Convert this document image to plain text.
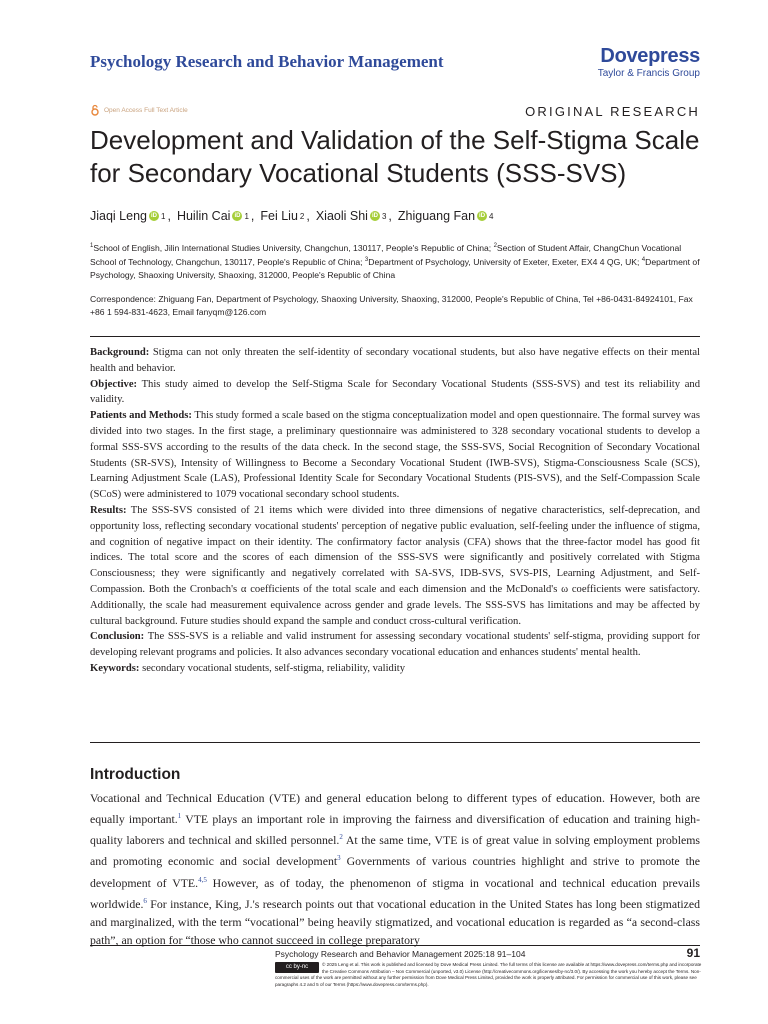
Psychology Research and Behavior Management	Dovepress
Taylor & Francis Group
Open Access Full Text Article	ORIGINAL RESEARCH
Development and Validation of the Self-Stigma Scale for Secondary Vocational Students (SSS-SVS)
Jiaqi Leng iD 1 , Huilin Cai iD 1 , Fei Liu 2 , Xiaoli Shi iD 3 , Zhiguang Fan iD 4
$^1$School of English, Jilin International Studies University, Changchun, 130117, People's Republic of China; $^2$Section of Student Affair, ChangChun Vocational School of Technology, Changchun, 130117, People's Republic of China; $^3$Department of Psychology, University of Exeter, Exeter, EX4 4 QG, UK; $^4$Department of Psychology, Shaoxing University, Shaoxing, 312000, People's Republic of China
Correspondence: Zhiguang Fan, Department of Psychology, Shaoxing University, Shaoxing, 312000, People's Republic of China, Tel +86-0431-84924101, Fax +86 1 594-831-4623, Email fanyqm@126.com

Background: Stigma can not only threaten the self-identity of secondary vocational students, but also have negative effects on their mental health and behavior.

Objective: This study aimed to develop the Self-Stigma Scale for Secondary Vocational Students (SSS-SVS) and test its reliability and validity.

Patients and Methods: This study formed a scale based on the stigma conceptualization model and open questionnaire. The formal survey was divided into two stages. In the first stage, a preliminary questionnaire was administered to 328 secondary vocational students to develop a formal SSS-SVS according to the results of the data check. In the second stage, the SSS-SVS, Social Recognition of Secondary Vocational Students (SR-SVS), Intensity of Willingness to Become a Secondary Vocational Student (IWB-SVS), Stigma-Consciousness Scale (SCS), Learning Adjustment Scale (LAS), Professional Identity Scale for Secondary Vocational Students (PIS-SVS), and the Self-Compassion Scale (SCoS) were administered to 1079 vocational secondary school students.

Results: The SSS-SVS consisted of 21 items which were divided into three dimensions of negative characteristics, self-deprecation, and opportunity loss, reflecting secondary vocational students' perception of negative public evaluation, self-feeling under the influence of stigma, and cognition of negative impact on their identity. The confirmatory factor analysis (CFA) shows that the three-factor model has good fit indices. The total score and the scores of each dimension of the SSS-SVS were significantly and positively correlated with Stigma Consciousness; they were significantly and negatively correlated with SA-SVS, IDB-SVS, SVS-PIS, Learning Adjustment, and Self-Compassion. Both the Cronbach's α coefficients of the total scale and each dimension and the McDonald's ω coefficients were satisfactory. Additionally, the scale had measurement equivalence across gender and grade levels. The SSS-SVS has limitations and may be affected by cultural background. Future studies should expand the sample and conduct cross-cultural verification.

Conclusion: The SSS-SVS is a reliable and valid instrument for assessing secondary vocational students' self-stigma, providing support for developing relevant programs and policies. It also advances secondary vocational education and enhances students' mental health.

Keywords: secondary vocational students, self-stigma, reliability, validity

Introduction
Vocational and Technical Education (VTE) and general education belong to different types of education. However, both are equally important.$^1$ VTE plays an important role in improving the fairness and diversification of education and training high-quality laborers and technical and skilled personnel.$^2$ At the same time, VTE is of great value in solving employment problems and promoting economic and social development$^3$ Governments of various countries highlight and strive to promote the development of VTE.$^{4,5}$ However, as of today, the phenomenon of stigma in vocational and technical education prevails worldwide.$^6$ For instance, King, J.'s research points out that vocational education in the United States has long been stigmatized and marginalized, with the term “vocational” being heavily stigmatized, and vocational education is regarded as “a second-class path”, an option for “those who cannot succeed in college preparatory
Psychology Research and Behavior Management 2025:18 91–104	91
cc by-nc	© 2025 Leng et al. This work is published and licensed by Dove Medical Press Limited. The full terms of this license are available at https://www.dovepress.com/terms.php and incorporate the Creative Commons Attribution – Non Commercial (unported, v3.0) License (http://creativecommons.org/licenses/by-nc/3.0/). By accessing the work you hereby accept the Terms. Non-commercial uses of the work are permitted without any further permission from Dove Medical Press Limited, provided the work is properly attributed. For permission for commercial use of this work, please see paragraphs 4.2 and 5 of our Terms (https://www.dovepress.com/terms.php).
